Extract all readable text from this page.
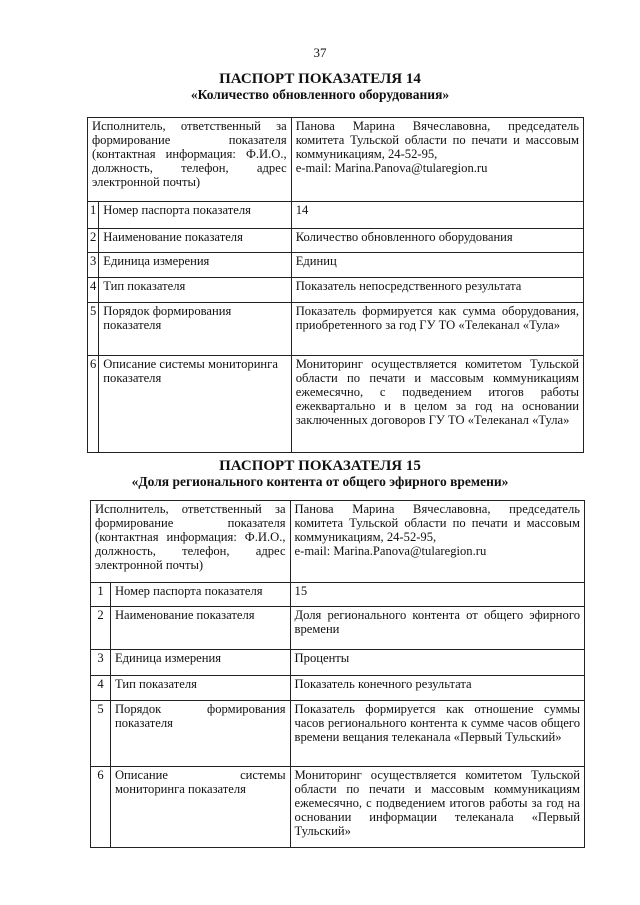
37
ПАСПОРТ ПОКАЗАТЕЛЯ 14
«Количество обновленного оборудования»
Исполнитель, ответственный за формирование показателя (контактная информация: Ф.И.О., должность, телефон, адрес электронной почты)		Панова Марина Вячеславовна, председатель комитета Тульской области по печати и массовым коммуникациям, 24-52-95,
e-mail: Marina.Panova@tularegion.ru
1	Номер паспорта показателя	14
2	Наименование показателя	Количество обновленного оборудования
3	Единица измерения	Единиц
4	Тип показателя	Показатель непосредственного результата
5	Порядок формирования показателя	Показатель формируется как сумма оборудования, приобретенного за год ГУ ТО «Телеканал «Тула»
6	Описание системы мониторинга показателя	Мониторинг осуществляется комитетом Тульской области по печати и массовым коммуникациям ежемесячно, с подведением итогов работы ежеквартально и в целом за год на основании заключенных договоров ГУ ТО «Телеканал «Тула»
ПАСПОРТ ПОКАЗАТЕЛЯ 15
«Доля регионального контента от общего эфирного времени»
Исполнитель, ответственный за формирование показателя (контактная информация: Ф.И.О., должность, телефон, адрес электронной почты)		Панова Марина Вячеславовна, председатель комитета Тульской области по печати и массовым коммуникациям, 24-52-95,
e-mail: Marina.Panova@tularegion.ru
1	Номер паспорта показателя	15
2	Наименование показателя	Доля регионального контента от общего эфирного времени
3	Единица измерения	Проценты
4	Тип показателя	Показатель конечного результата
5	Порядок формирования показателя	Показатель формируется как отношение суммы часов регионального контента к сумме часов общего времени вещания телеканала «Первый Тульский»
6	Описание системы мониторинга показателя	Мониторинг осуществляется комитетом Тульской области по печати и массовым коммуникациям ежемесячно, с подведением итогов работы за год на основании информации телеканала «Первый Тульский»
